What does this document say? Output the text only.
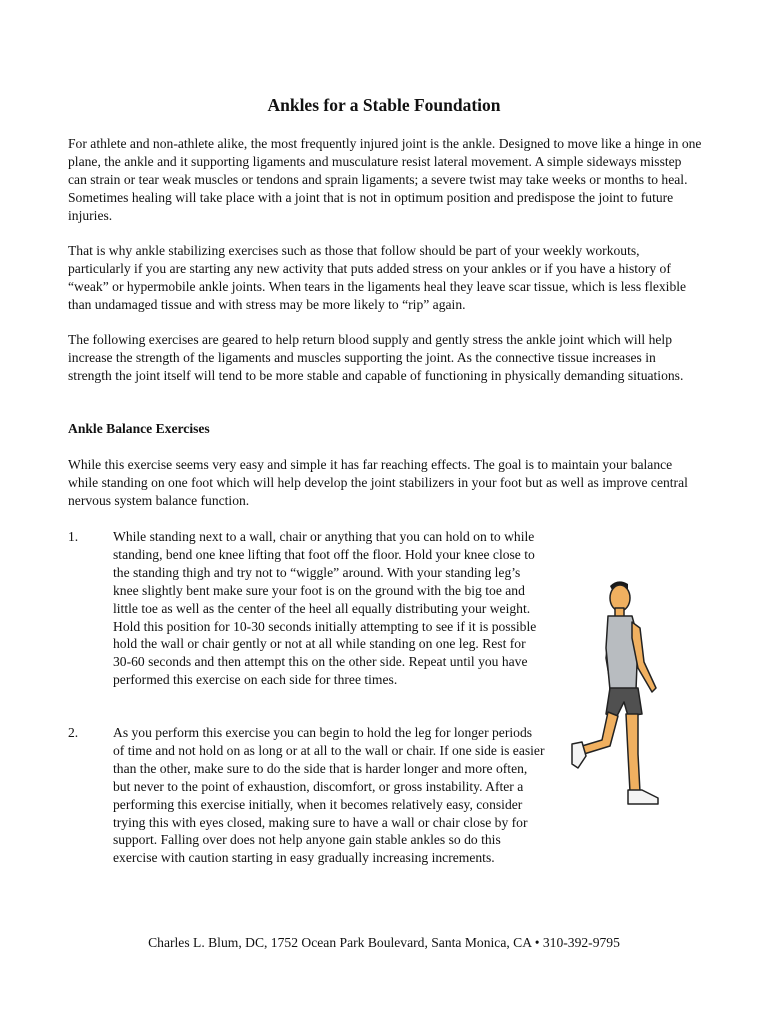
Ankles for a Stable Foundation

For athlete and non-athlete alike, the most frequently injured joint is the ankle. Designed to move like a hinge in one plane, the ankle and it supporting ligaments and musculature resist lateral movement. A simple sideways misstep can strain or tear weak muscles or tendons and sprain ligaments; a severe twist may take weeks or months to heal. Sometimes healing will take place with a joint that is not in optimum position and predispose the joint to future injuries.

That is why ankle stabilizing exercises such as those that follow should be part of your weekly workouts, particularly if you are starting any new activity that puts added stress on your ankles or if you have a history of “weak” or hypermobile ankle joints. When tears in the ligaments heal they leave scar tissue, which is less flexible than undamaged tissue and with stress may be more likely to “rip” again.

The following exercises are geared to help return blood supply and gently stress the ankle joint which will help increase the strength of the ligaments and muscles supporting the joint. As the connective tissue increases in strength the joint itself will tend to be more stable and capable of functioning in physically demanding situations.

Ankle Balance Exercises

While this exercise seems very easy and simple it has far reaching effects. The goal is to maintain your balance while standing on one foot which will help develop the joint stabilizers in your foot but as well as improve central nervous system balance function.

1.	While standing next to a wall, chair or anything that you can hold on to while standing, bend one knee lifting that foot off the floor. Hold your knee close to the standing thigh and try not to “wiggle” around. With your standing leg’s knee slightly bent make sure your foot is on the ground with the big toe and little toe as well as the center of the heel all equally distributing your weight. Hold this position for 10-30 seconds initially attempting to see if it is possible hold the wall or chair gently or not at all while standing on one leg. Rest for 30-60 seconds and then attempt this on the other side. Repeat until you have performed this exercise on each side for three times.

2.	As you perform this exercise you can begin to hold the leg for longer periods of time and not hold on as long or at all to the wall or chair. If one side is easier than the other, make sure to do the side that is harder longer and more often, but never to the point of exhaustion, discomfort, or gross instability. After a performing this exercise initially, when it becomes relatively easy, consider trying this with eyes closed, making sure to have a wall or chair close by for support. Falling over does not help anyone gain stable ankles so do this exercise with caution starting in easy gradually increasing increments.

Charles L. Blum, DC, 1752 Ocean Park Boulevard, Santa Monica, CA • 310-392-9795
